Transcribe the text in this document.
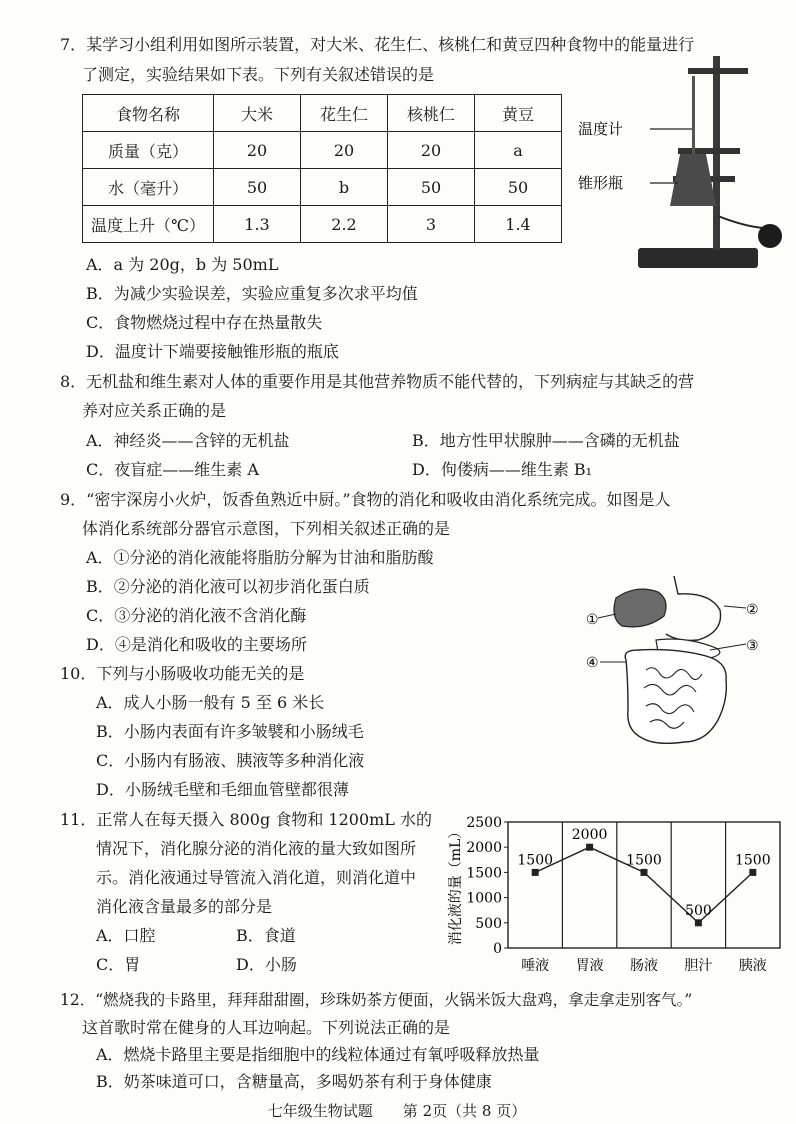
7．某学习小组利用如图所示装置，对大米、花生仁、核桃仁和黄豆四种食物中的能量进行
了测定，实验结果如下表。下列有关叙述错误的是
食物名称	大米	花生仁	核桃仁	黄豆
质量（克）	20	20	20	a
水（毫升）	50	b	50	50
温度上升（℃）	1.3	2.2	3	1.4
温度计
锥形瓶
A．a 为 20g，b 为 50mL
B．为减少实验误差，实验应重复多次求平均值
C．食物燃烧过程中存在热量散失
D．温度计下端要接触锥形瓶的瓶底
8．无机盐和维生素对人体的重要作用是其他营养物质不能代替的，下列病症与其缺乏的营
养对应关系正确的是
A．神经炎——含锌的无机盐	B．地方性甲状腺肿——含磷的无机盐
C．夜盲症——维生素 A	D．佝偻病——维生素 B₁
9．“密宇深房小火炉，饭香鱼熟近中厨。”食物的消化和吸收由消化系统完成。如图是人
体消化系统部分器官示意图，下列相关叙述正确的是
A．①分泌的消化液能将脂肪分解为甘油和脂肪酸
B．②分泌的消化液可以初步消化蛋白质
C．③分泌的消化液不含消化酶
D．④是消化和吸收的主要场所
①
②
③
④
10．下列与小肠吸收功能无关的是
A．成人小肠一般有 5 至 6 米长
B．小肠内表面有许多皱襞和小肠绒毛
C．小肠内有肠液、胰液等多种消化液
D．小肠绒毛壁和毛细血管壁都很薄
11．正常人在每天摄入 800g 食物和 1200mL 水的
情况下，消化腺分泌的消化液的量大致如图所
示。消化液通过导管流入消化道，则消化道中
消化液含量最多的部分是
A．口腔	B．食道
C．胃	D．小肠
2500
2000
1500
1000
500
0
消化液的量（mL）	1500
2000
1500
500
1500
唾液 胃液 肠液 胆汁 胰液
12．“燃烧我的卡路里，拜拜甜甜圈，珍珠奶茶方便面，火锅米饭大盘鸡，拿走拿走别客气。”
这首歌时常在健身的人耳边响起。下列说法正确的是
A．燃烧卡路里主要是指细胞中的线粒体通过有氧呼吸释放热量
B．奶茶味道可口，含糖量高，多喝奶茶有利于身体健康
七年级生物试题　　第 2页（共 8 页）
